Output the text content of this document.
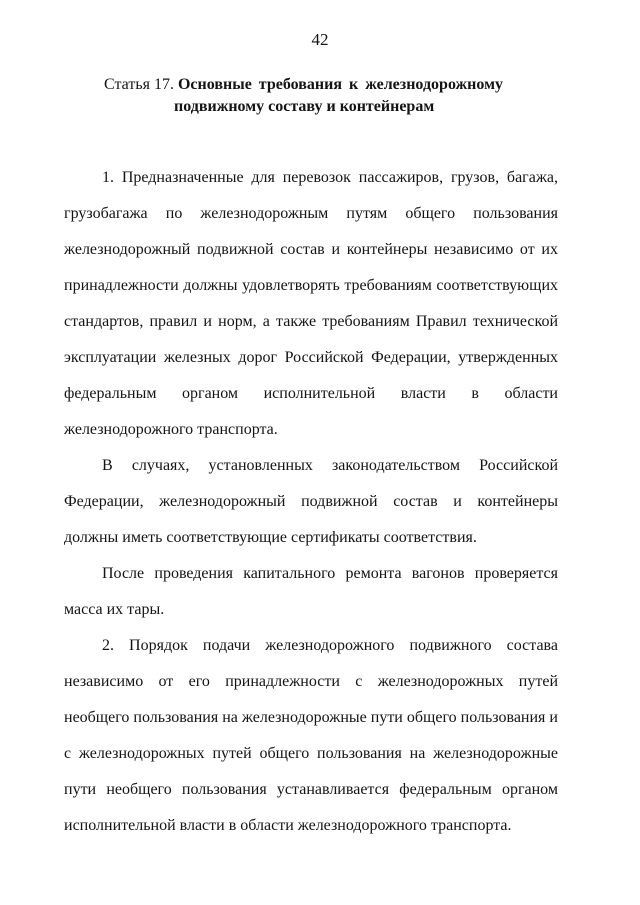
42
Статья 17. Основные требования к железнодорожному
подвижному составу и контейнерам

1. Предназначенные для перевозок пассажиров, грузов, багажа, грузобагажа по железнодорожным путям общего пользования железнодорожный подвижной состав и контейнеры независимо от их принадлежности должны удовлетворять требованиям соответствующих стандартов, правил и норм, а также требованиям Правил технической эксплуатации железных дорог Российской Федерации, утвержденных федеральным органом исполнительной власти в области железнодорожного транспорта.

В случаях, установленных законодательством Российской Федерации, железнодорожный подвижной состав и контейнеры должны иметь соответствующие сертификаты соответствия.

После проведения капитального ремонта вагонов проверяется масса их тары.

2. Порядок подачи железнодорожного подвижного состава независимо от его принадлежности с железнодорожных путей необщего пользования на железнодорожные пути общего пользования и с железнодорожных путей общего пользования на железнодорожные пути необщего пользования устанавливается федеральным органом исполнительной власти в области железнодорожного транспорта.
